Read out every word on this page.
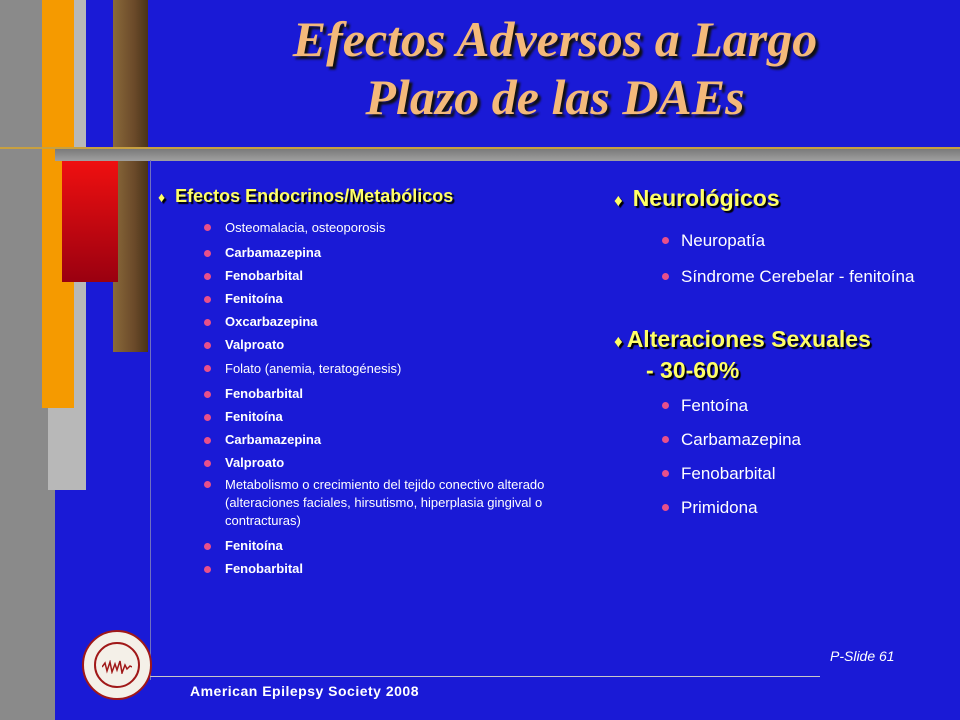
Efectos Adversos a Largo
Plazo de las DAEs
♦ Efectos Endocrinos/Metabólicos
Osteomalacia, osteoporosis
Carbamazepina
Fenobarbital
Fenitoína
Oxcarbazepina
Valproato
Folato (anemia, teratogénesis)
Fenobarbital
Fenitoína
Carbamazepina
Valproato
Metabolismo o crecimiento del tejido conectivo alterado (alteraciones faciales, hirsutismo, hiperplasia gingival o contracturas)
Fenitoína
Fenobarbital
♦ Neurológicos
Neuropatía
Síndrome Cerebelar - fenitoína
♦ Alteraciones Sexuales
- 30-60%
Fentoína
Carbamazepina
Fenobarbital
Primidona
P-Slide 61
American Epilepsy Society 2008
